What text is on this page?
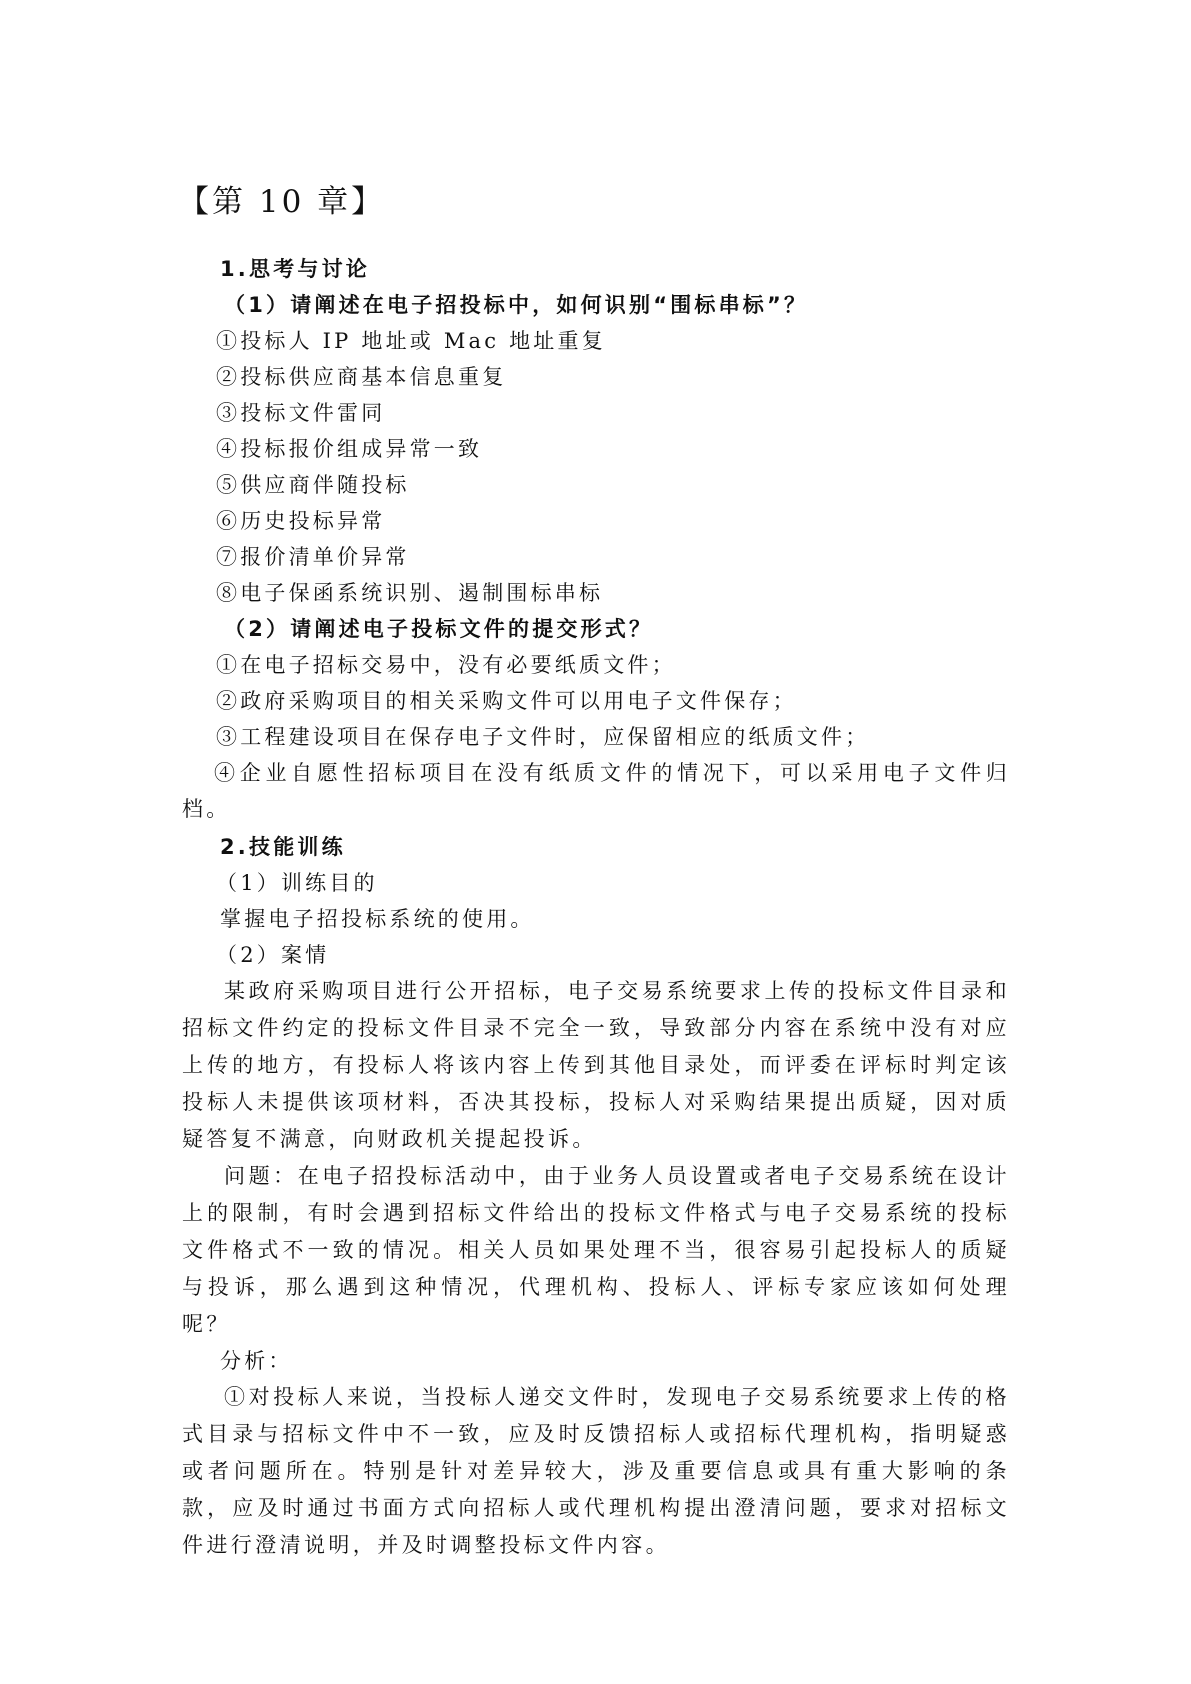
【第 10 章】

1.思考与讨论

（1）请阐述在电子招投标中，如何识别“围标串标”？

①投标人 IP 地址或 Mac 地址重复

②投标供应商基本信息重复

③投标文件雷同

④投标报价组成异常一致

⑤供应商伴随投标

⑥历史投标异常

⑦报价清单价异常

⑧电子保函系统识别、遏制围标串标

（2）请阐述电子投标文件的提交形式？

①在电子招标交易中，没有必要纸质文件；

②政府采购项目的相关采购文件可以用电子文件保存；

③工程建设项目在保存电子文件时，应保留相应的纸质文件；

④企业自愿性招标项目在没有纸质文件的情况下，可以采用电子文件归档。

2.技能训练

（1）训练目的

掌握电子招投标系统的使用。

（2）案情

某政府采购项目进行公开招标，电子交易系统要求上传的投标文件目录和招标文件约定的投标文件目录不完全一致，导致部分内容在系统中没有对应上传的地方，有投标人将该内容上传到其他目录处，而评委在评标时判定该投标人未提供该项材料，否决其投标，投标人对采购结果提出质疑，因对质疑答复不满意，向财政机关提起投诉。

问题：在电子招投标活动中，由于业务人员设置或者电子交易系统在设计上的限制，有时会遇到招标文件给出的投标文件格式与电子交易系统的投标文件格式不一致的情况。相关人员如果处理不当，很容易引起投标人的质疑与投诉，那么遇到这种情况，代理机构、投标人、评标专家应该如何处理呢？

分析：

①对投标人来说，当投标人递交文件时，发现电子交易系统要求上传的格式目录与招标文件中不一致，应及时反馈招标人或招标代理机构，指明疑惑或者问题所在。特别是针对差异较大，涉及重要信息或具有重大影响的条款，应及时通过书面方式向招标人或代理机构提出澄清问题，要求对招标文件进行澄清说明，并及时调整投标文件内容。
